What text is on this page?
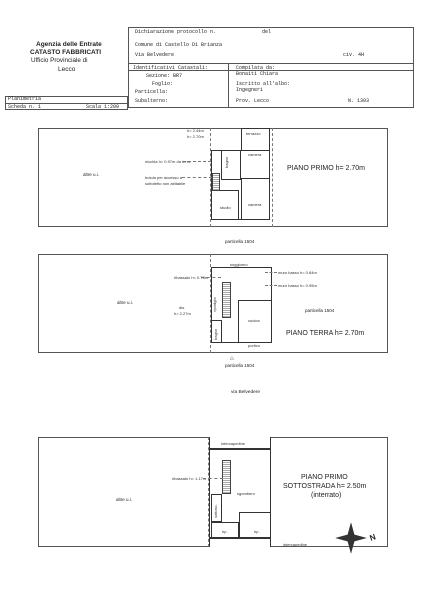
Agenzia delle Entrate
CATASTO FABBRICATI
Ufficio Provinciale di
Lecco
Dichiarazione protocollo n.	del
Comune di Castello Di Brianza
Via Belvedere	civ. 4H
Identificativi Catastali:
Sezione: BR7
Foglio:
Particella:
Subalterno:
Compilata da:
Bonaiti Chiara
Iscritto all'albo:
Ingegneri
Prov. Lecco	N. 1303
Planimetria
Scheda n. 1	Scala 1:200
PIANO PRIMO h= 2.70m
altre u.i.
terrazzo
bagno
camera
camera
studio
h= 2.44m
h= 2.70m
nicchia h= 0.97m da terra
botola per accesso a
sottotetto non abitabile
particella 1504
PIANO TERRA h= 2.70m
altre u.i.
particella 1504
soggiorno
cucina
bagno
portico
ripostiglio
ribassato h= 0.78m
muro basso h= 0.84m
muro basso h= 0.95m
dis.
h= 2.27m
⌂
particella 1504
via Belvedere
PIANO PRIMO
SOTTOSTRADA h= 2.50m
(interrato)
altre u.i.
intercapedine
sgombero
sottosc.
rip.	rip.
intercapedine
ribassato h= 1.17m
N
